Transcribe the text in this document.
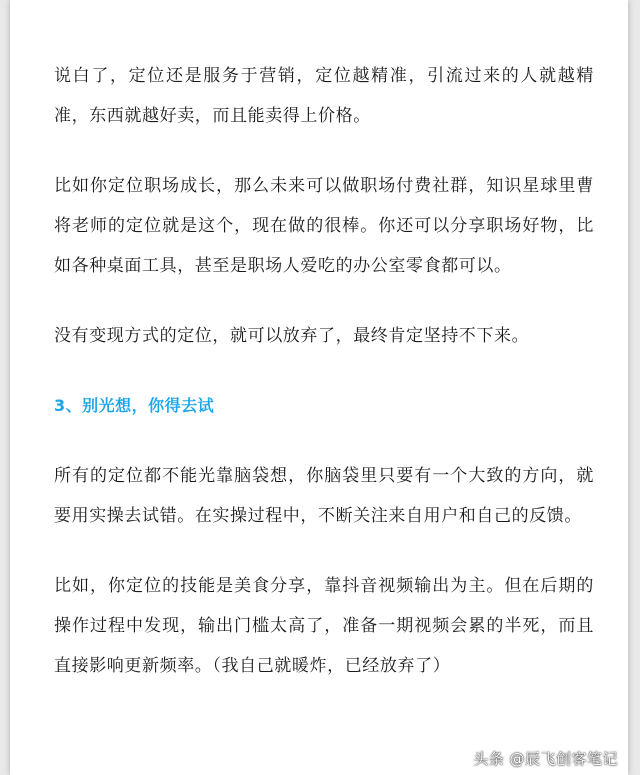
说白了，定位还是服务于营销，定位越精准，引流过来的人就越精准，东西就越好卖，而且能卖得上价格。

比如你定位职场成长，那么未来可以做职场付费社群，知识星球里曹将老师的定位就是这个，现在做的很棒。你还可以分享职场好物，比如各种桌面工具，甚至是职场人爱吃的办公室零食都可以。

没有变现方式的定位，就可以放弃了，最终肯定坚持不下来。

3、别光想，你得去试

所有的定位都不能光靠脑袋想，你脑袋里只要有一个大致的方向，就要用实操去试错。在实操过程中，不断关注来自用户和自己的反馈。

比如，你定位的技能是美食分享，靠抖音视频输出为主。但在后期的操作过程中发现，输出门槛太高了，准备一期视频会累的半死，而且直接影响更新频率。（我自己就暖炸，已经放弃了）

头条 @辰飞创客笔记
